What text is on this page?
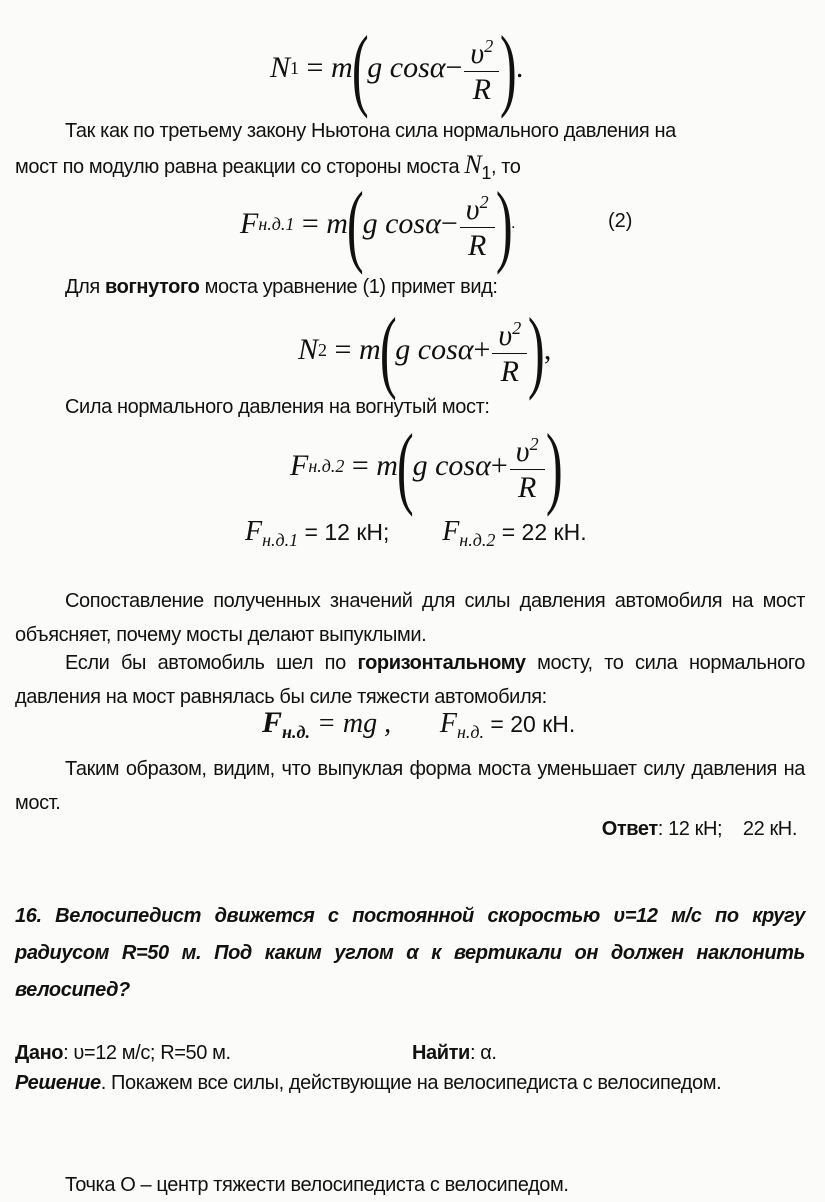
N 1 = m
(
g $\cos \alpha - \frac{\upsilon^2}{R}$ )
.
Так как по третьему закону Ньютона сила нормального давления на
мост по модулю равна реакции со стороны моста N1, то
F н.д.1 = m
(
g $\cos \alpha - \frac{\upsilon^2}{R}$ )
.	(2)
Для вогнутого моста уравнение (1) примет вид:
N 2 = m
(
g $\cos \alpha + \frac{\upsilon^2}{R}$ )
,
Сила нормального давления на вогнутый мост:
F н.д.2 = m
(
g $\cos \alpha + \frac{\upsilon^2}{R}$ )
$F_{н.д.1} = 12$ кН; $F_{н.д.2} = 22$ кН.
Сопоставление полученных значений для силы давления автомобиля на мост объясняет, почему мосты делают выпуклыми.
Если бы автомобиль шел по горизонтальному мосту, то сила нормального давления на мост равнялась бы силе тяжести автомобиля:
$F_{н.д.}$ = mg , $F_{н.д.} = 20$ кН.
Таким образом, видим, что выпуклая форма моста уменьшает силу давления на мост.
Ответ: 12 кН;    22 кН.
16. Велосипедист движется с постоянной скоростью υ=12 м/с по кругу радиусом R=50 м. Под каким углом α к вертикали он должен наклонить велосипед?
Дано: υ=12 м/с; R=50 м.	Найти: α.
Решение. Покажем все силы, действующие на велосипедиста с велосипедом.
Точка O – центр тяжести велосипедиста с велосипедом.
